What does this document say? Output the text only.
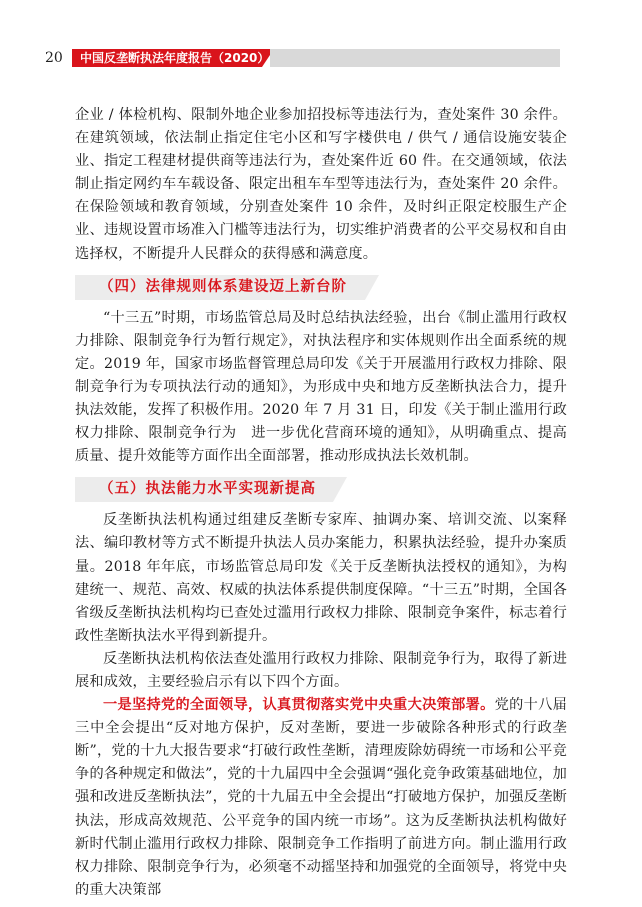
20	中国反垄断执法年度报告（2020）

企业 / 体检机构、限制外地企业参加招投标等违法行为，查处案件 30 余件。在建筑领域，依法制止指定住宅小区和写字楼供电 / 供气 / 通信设施安装企业、指定工程建材提供商等违法行为，查处案件近 60 件。在交通领域，依法制止指定网约车车载设备、限定出租车车型等违法行为，查处案件 20 余件。在保险领域和教育领域，分别查处案件 10 余件，及时纠正限定校服生产企业、违规设置市场准入门槛等违法行为，切实维护消费者的公平交易权和自由选择权，不断提升人民群众的获得感和满意度。

（四）法律规则体系建设迈上新台阶

“十三五”时期，市场监管总局及时总结执法经验，出台《制止滥用行政权力排除、限制竞争行为暂行规定》，对执法程序和实体规则作出全面系统的规定。2019 年，国家市场监督管理总局印发《关于开展滥用行政权力排除、限制竞争行为专项执法行动的通知》，为形成中央和地方反垄断执法合力，提升执法效能，发挥了积极作用。2020 年 7 月 31 日，印发《关于制止滥用行政权力排除、限制竞争行为　进一步优化营商环境的通知》，从明确重点、提高质量、提升效能等方面作出全面部署，推动形成执法长效机制。

（五）执法能力水平实现新提高

反垄断执法机构通过组建反垄断专家库、抽调办案、培训交流、以案释法、编印教材等方式不断提升执法人员办案能力，积累执法经验，提升办案质量。2018 年年底，市场监管总局印发《关于反垄断执法授权的通知》，为构建统一、规范、高效、权威的执法体系提供制度保障。“十三五”时期，全国各省级反垄断执法机构均已查处过滥用行政权力排除、限制竞争案件，标志着行政性垄断执法水平得到新提升。

反垄断执法机构依法查处滥用行政权力排除、限制竞争行为，取得了新进展和成效，主要经验启示有以下四个方面。

一是坚持党的全面领导，认真贯彻落实党中央重大决策部署。党的十八届三中全会提出“反对地方保护，反对垄断，要进一步破除各种形式的行政垄断”，党的十九大报告要求“打破行政性垄断，清理废除妨碍统一市场和公平竞争的各种规定和做法”，党的十九届四中全会强调“强化竞争政策基础地位，加强和改进反垄断执法”，党的十九届五中全会提出“打破地方保护，加强反垄断执法，形成高效规范、公平竞争的国内统一市场”。这为反垄断执法机构做好新时代制止滥用行政权力排除、限制竞争工作指明了前进方向。制止滥用行政权力排除、限制竞争行为，必须毫不动摇坚持和加强党的全面领导，将党中央的重大决策部
